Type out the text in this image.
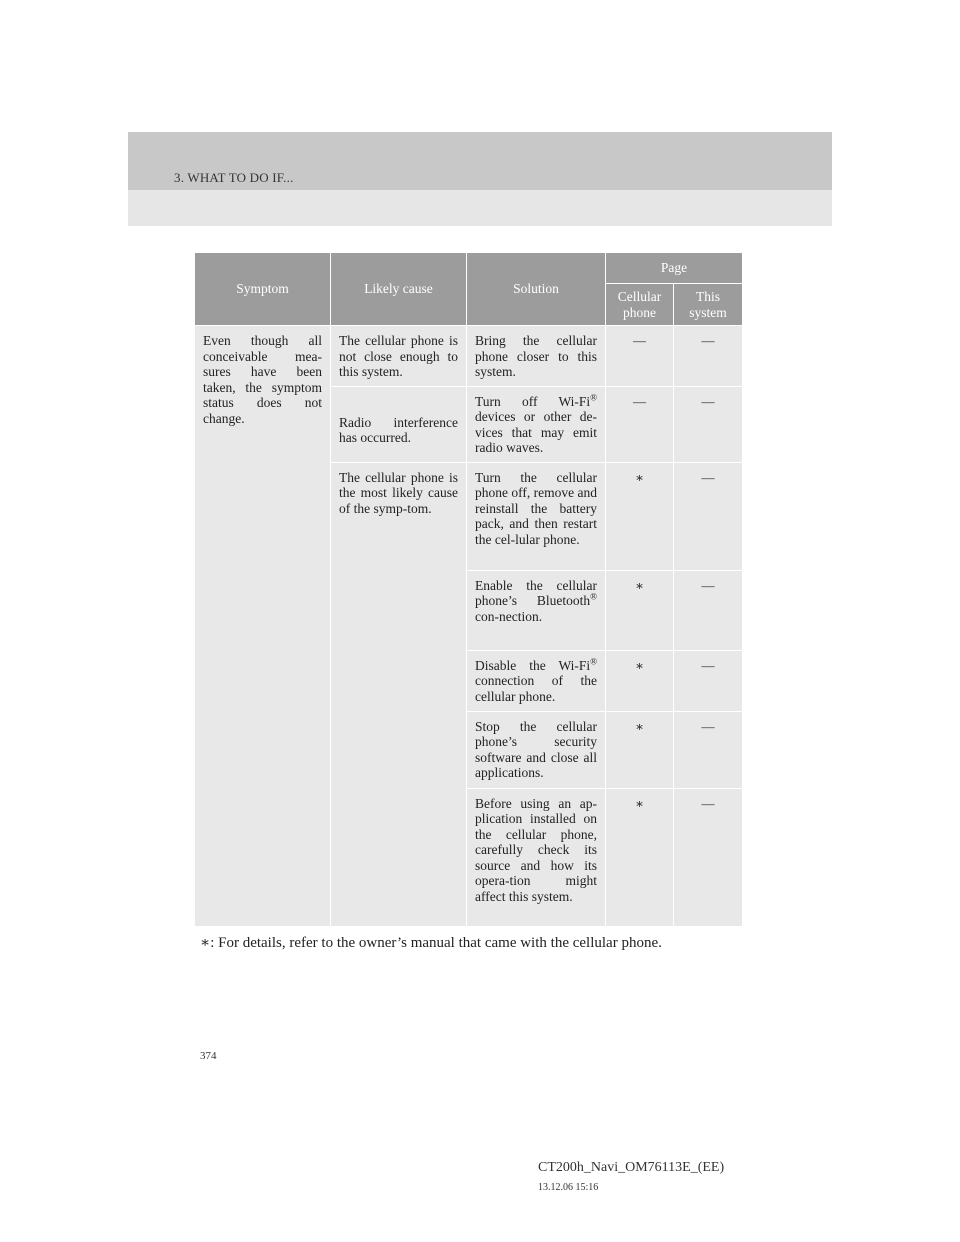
3. WHAT TO DO IF...
Symptom	Likely cause	Solution	Page	
			Cellular phone	This system
Even though all conceivable mea-sures have been taken, the symptom status does not change.	The cellular phone is not close enough to this system.	Bring the cellular phone closer to this system.	—	—
	Radio interference has occurred.	Turn off Wi-Fi® devices or other de-vices that may emit radio waves.	—	—
	The cellular phone is the most likely cause of the symp-tom.	Turn the cellular phone off, remove and reinstall the battery pack, and then restart the cel-lular phone.	∗	—
		Enable the cellular phone’s Bluetooth® con-nection.	∗	—
		Disable the Wi-Fi® connection of the cellular phone.	∗	—
		Stop the cellular phone’s security software and close all applications.	∗	—
		Before using an ap-plication installed on the cellular phone, carefully check its source and how its opera-tion might affect this system.	∗	—
∗: For details, refer to the owner’s manual that came with the cellular phone.
374
CT200h_Navi_OM76113E_(EE)
13.12.06 15:16
